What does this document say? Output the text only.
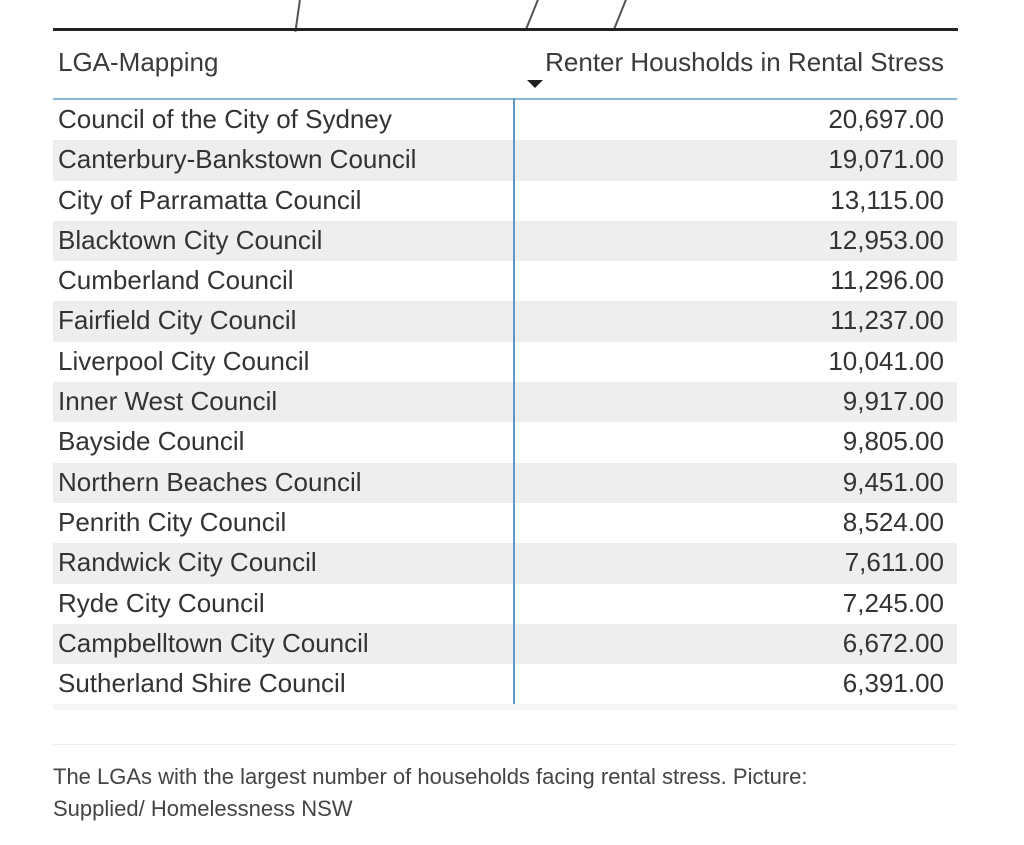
LGA-Mapping	Renter Housholds in Rental Stress
Council of the City of Sydney	20,697.00
Canterbury-Bankstown Council	19,071.00
City of Parramatta Council	13,115.00
Blacktown City Council	12,953.00
Cumberland Council	11,296.00
Fairfield City Council	11,237.00
Liverpool City Council	10,041.00
Inner West Council	9,917.00
Bayside Council	9,805.00
Northern Beaches Council	9,451.00
Penrith City Council	8,524.00
Randwick City Council	7,611.00
Ryde City Council	7,245.00
Campbelltown City Council	6,672.00
Sutherland Shire Council	6,391.00
The LGAs with the largest number of households facing rental stress. Picture: Supplied/ Homelessness NSW
